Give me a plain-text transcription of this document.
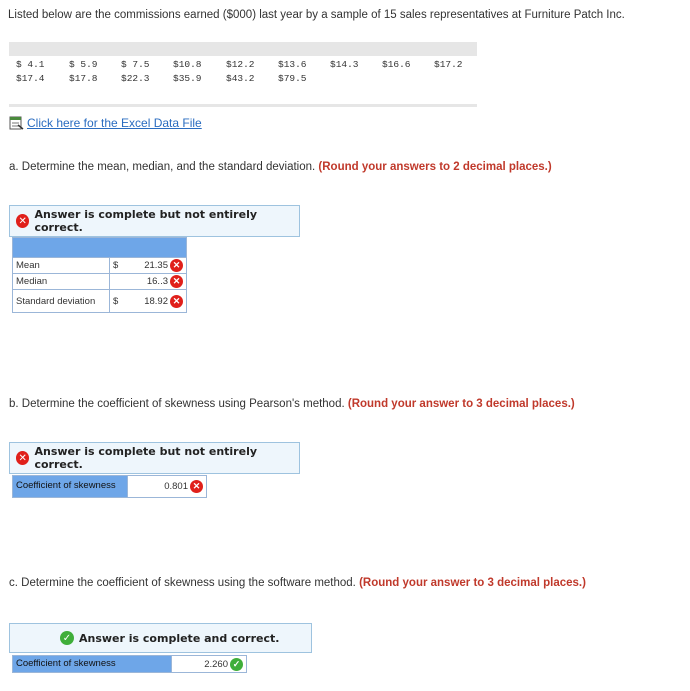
Listed below are the commissions earned ($000) last year by a sample of 15 sales representatives at Furniture Patch Inc.
$ 4.1	$ 5.9 $ 7.5 $10.8	$12.2 $13.6 $14.3 $16.6 $17.2
$17.4	$17.8 $22.3 $35.9	$43.2 $79.5
Click here for the Excel Data File
a. Determine the mean, median, and the standard deviation. (Round your answers to 2 decimal places.)
✕ Answer is complete but not entirely correct.

Mean	$	21.35 ✕
Median		16..3 ✕
Standard deviation	$	18.92 ✕
b. Determine the coefficient of skewness using Pearson's method. (Round your answer to 3 decimal places.)
✕ Answer is complete but not entirely correct.
Coefficient of skewness	0.801 ✕
c. Determine the coefficient of skewness using the software method. (Round your answer to 3 decimal places.)
✓ Answer is complete and correct.
Coefficient of skewness	2.260 ✓
